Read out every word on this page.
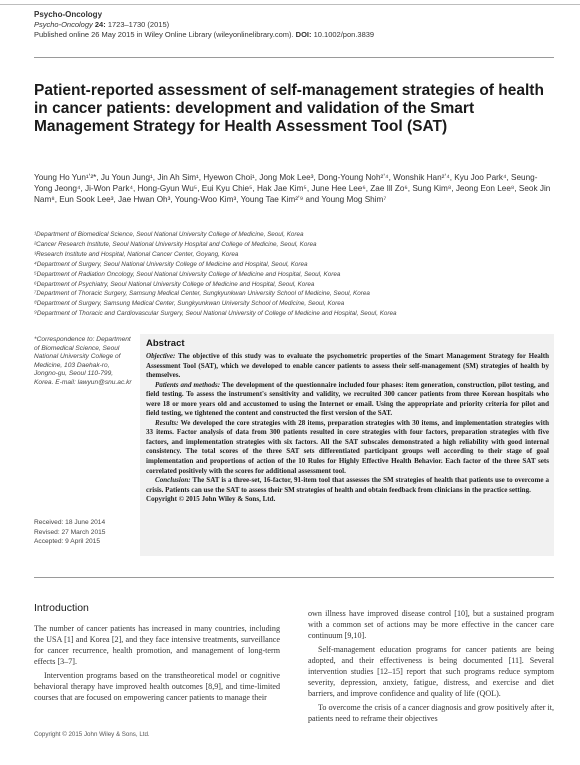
Psycho-Oncology
Psycho-Oncology 24: 1723–1730 (2015)
Published online 26 May 2015 in Wiley Online Library (wileyonlinelibrary.com). DOI: 10.1002/pon.3839
Patient-reported assessment of self-management strategies of health in cancer patients: development and validation of the Smart Management Strategy for Health Assessment Tool (SAT)
Young Ho Yun¹ʼ²*, Ju Youn Jung¹, Jin Ah Sim¹, Hyewon Choi¹, Jong Mok Lee³, Dong-Young Noh²ʼ⁴, Wonshik Han²ʼ⁴, Kyu Joo Park⁴, Seung-Yong Jeong⁴, Ji-Won Park⁴, Hong-Gyun Wu⁵, Eui Kyu Chie⁵, Hak Jae Kim⁵, June Hee Lee⁶, Zae Ill Zo⁶, Sung Kim⁸, Jeong Eon Lee⁸, Seok Jin Nam⁸, Eun Sook Lee³, Jae Hwan Oh³, Young-Woo Kim³, Young Tae Kim²ʼ⁹ and Young Mog Shim⁷
¹Department of Biomedical Science, Seoul National University College of Medicine, Seoul, Korea
²Cancer Research Institute, Seoul National University Hospital and College of Medicine, Seoul, Korea
³Research Institute and Hospital, National Cancer Center, Goyang, Korea
⁴Department of Surgery, Seoul National University College of Medicine and Hospital, Seoul, Korea
⁵Department of Radiation Oncology, Seoul National University College of Medicine and Hospital, Seoul, Korea
⁶Department of Psychiatry, Seoul National University College of Medicine and Hospital, Seoul, Korea
⁷Department of Thoracic Surgery, Samsung Medical Center, Sungkyunkwan University School of Medicine, Seoul, Korea
⁸Department of Surgery, Samsung Medical Center, Sungkyunkwan University School of Medicine, Seoul, Korea
⁹Department of Thoracic and Cardiovascular Surgery, Seoul National University of College of Medicine and Hospital, Seoul, Korea
*Correspondence to: Department of Biomedical Science, Seoul National University College of Medicine, 103 Daehak-ro, Jongno-gu, Seoul 110-799, Korea. E-mail: lawyun@snu.ac.kr
Received: 18 June 2014
Revised: 27 March 2015
Accepted: 9 April 2015
Abstract

Objective: The objective of this study was to evaluate the psychometric properties of the Smart Management Strategy for Health Assessment Tool (SAT), which we developed to enable cancer patients to assess their self-management (SM) strategies of health by themselves.

Patients and methods: The development of the questionnaire included four phases: item generation, construction, pilot testing, and field testing. To assess the instrument's sensitivity and validity, we recruited 300 cancer patients from three Korean hospitals who were 18 or more years old and accustomed to using the Internet or email. Using the appropriate and priority criteria for pilot and field testing, we tightened the content and constructed the first version of the SAT.

Results: We developed the core strategies with 28 items, preparation strategies with 30 items, and implementation strategies with 33 items. Factor analysis of data from 300 patients resulted in core strategies with four factors, preparation strategies with five factors, and implementation strategies with six factors. All the SAT subscales demonstrated a high reliability with good internal consistency. The total scores of the three SAT sets differentiated participant groups well according to their stage of goal implementation and proportions of action of the 10 Rules for Highly Effective Health Behavior. Each factor of the three SAT sets correlated positively with the scores for additional assessment tool.

Conclusion: The SAT is a three-set, 16-factor, 91-item tool that assesses the SM strategies of health that patients use to overcome a crisis. Patients can use the SAT to assess their SM strategies of health and obtain feedback from clinicians in the practice setting.

Copyright © 2015 John Wiley & Sons, Ltd.

Introduction

The number of cancer patients has increased in many countries, including the USA [1] and Korea [2], and they face intensive treatments, surveillance for cancer recurrence, health promotion, and management of long-term effects [3–7].

Intervention programs based on the transtheoretical model or cognitive behavioral therapy have improved health outcomes [8,9], and time-limited courses that are focused on empowering cancer patients to manage their

own illness have improved disease control [10], but a sustained program with a common set of actions may be more effective in the cancer care continuum [9,10].

Self-management education programs for cancer patients are being adopted, and their effectiveness is being documented [11]. Several intervention studies [12–15] report that such programs reduce symptom severity, depression, anxiety, fatigue, distress, and exercise and diet barriers, and improve confidence and quality of life (QOL).

To overcome the crisis of a cancer diagnosis and grow positively after it, patients need to reframe their objectives

Copyright © 2015 John Wiley & Sons, Ltd.
